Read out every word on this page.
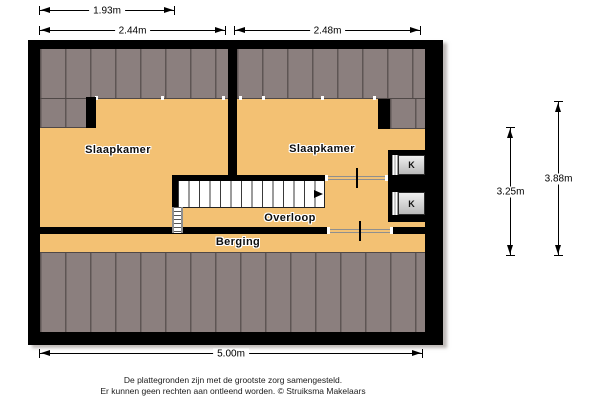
K
K
Slaapkamer	Slaapkamer
Overloop
Berging
1.93m
2.44m	2.48m
5.00m
3.25m
3.88m
De plattegronden zijn met de grootste zorg samengesteld.
Er kunnen geen rechten aan ontleend worden. © Struiksma Makelaars
